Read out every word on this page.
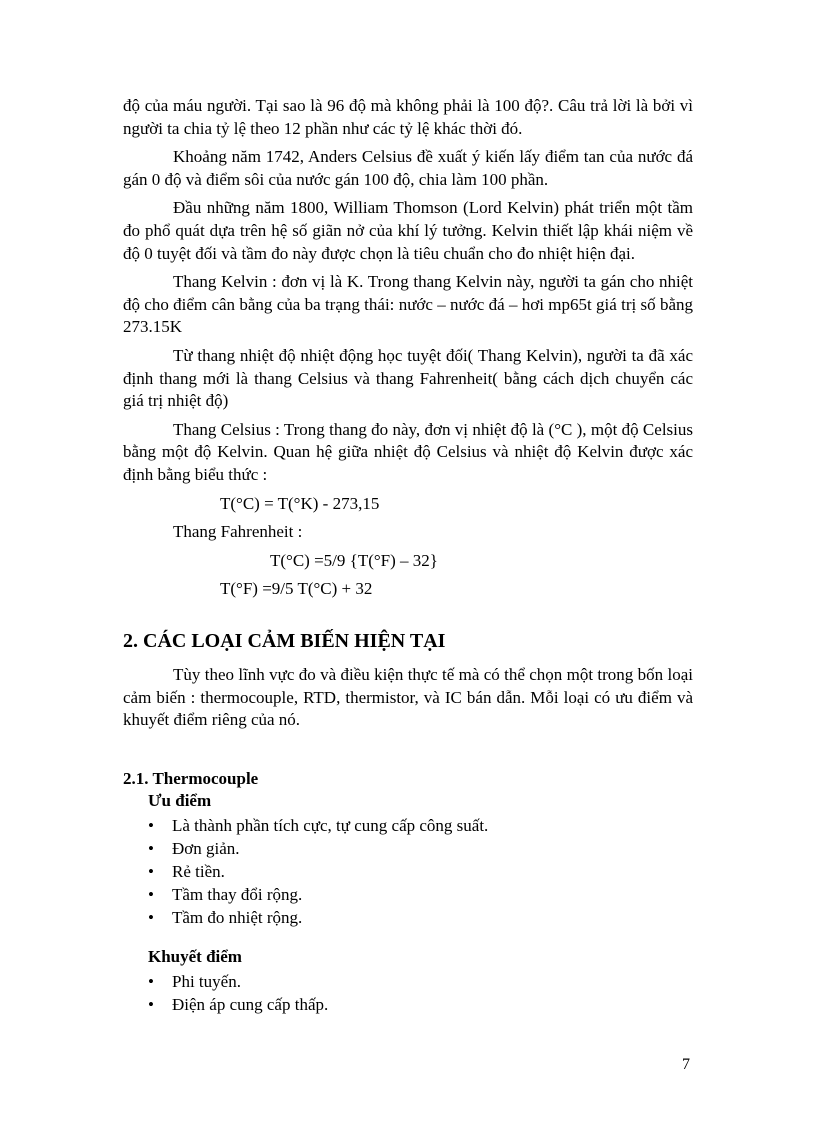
độ của máu người. Tại sao là 96 độ mà không phải là 100 độ?. Câu trả lời là bởi vì người ta chia tỷ lệ theo 12 phần như các tỷ lệ khác thời đó.

Khoảng năm 1742, Anders Celsius đề xuất ý kiến lấy điểm tan của nước đá gán 0 độ và điểm sôi của nước gán 100 độ, chia làm 100 phần.

Đầu những năm 1800, William Thomson (Lord Kelvin) phát triển một tầm đo phổ quát dựa trên hệ số giãn nở của khí lý tưởng. Kelvin thiết lập khái niệm về độ 0 tuyệt đối và tầm đo này được chọn là tiêu chuẩn cho đo nhiệt hiện đại.

Thang Kelvin : đơn vị là K. Trong thang Kelvin này, người ta gán cho nhiệt độ cho điểm cân bằng của ba trạng thái: nước – nước đá – hơi mp65t giá trị số bằng 273.15K

Từ thang nhiệt độ nhiệt động học tuyệt đối( Thang Kelvin), người ta đã xác định thang mới là thang Celsius và thang Fahrenheit( bằng cách dịch chuyển các giá trị nhiệt độ)

Thang Celsius : Trong thang đo này, đơn vị nhiệt độ là (°C ), một độ Celsius bằng một độ Kelvin. Quan hệ giữa nhiệt độ Celsius và nhiệt độ Kelvin được xác định bằng biểu thức :

T(°C) = T(°K) - 273,15

Thang Fahrenheit :

T(°C) =5/9 {T(°F) – 32}

T(°F) =9/5 T(°C) + 32

2. CÁC LOẠI CẢM BIẾN HIỆN TẠI

Tùy theo lĩnh vực đo và điều kiện thực tế mà có thể chọn một trong bốn loại cảm biến : thermocouple, RTD, thermistor, và IC bán dẫn. Mỗi loại có ưu điểm và khuyết điểm riêng của nó.

2.1. Thermocouple

Ưu điểm

• Là thành phần tích cực, tự cung cấp công suất.
• Đơn giản.
• Rẻ tiền.
• Tầm thay đổi rộng.
• Tầm đo nhiệt rộng.

Khuyết điểm

• Phi tuyến.
• Điện áp cung cấp thấp.
7
